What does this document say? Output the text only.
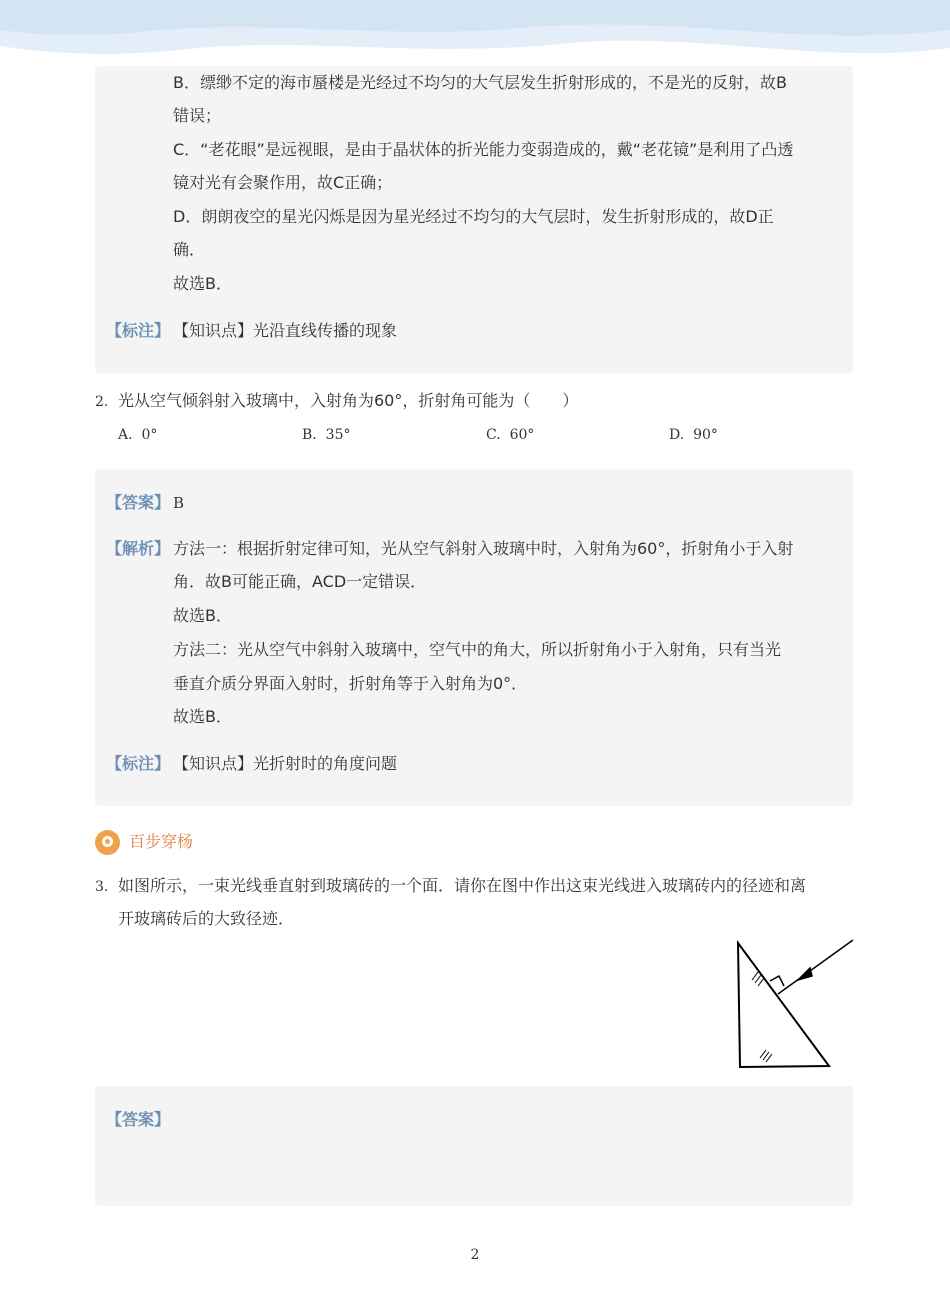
B．缥缈不定的海市蜃楼是光经过不均匀的大气层发生折射形成的，不是光的反射，故B
错误；
C．“老花眼”是远视眼，是由于晶状体的折光能力变弱造成的，戴“老花镜”是利用了凸透
镜对光有会聚作用，故C正确；
D．朗朗夜空的星光闪烁是因为星光经过不均匀的大气层时，发生折射形成的，故D正
确．
故选B．
【标注】 【知识点】光沿直线传播的现象
2. 光从空气倾斜射入玻璃中，入射角为60°，折射角可能为（　　）
A. 0°	B. 35°	C. 60°	D. 90°
【答案】 B
【解析】 方法一：根据折射定律可知，光从空气斜射入玻璃中时，入射角为60°，折射角小于入射
角．故B可能正确，ACD一定错误．
故选B．
方法二：光从空气中斜射入玻璃中，空气中的角大，所以折射角小于入射角，只有当光
垂直介质分界面入射时，折射角等于入射角为0°．
故选B．
【标注】 【知识点】光折射时的角度问题
百步穿杨
3. 如图所示，一束光线垂直射到玻璃砖的一个面．请你在图中作出这束光线进入玻璃砖内的径迹和离
开玻璃砖后的大致径迹．
【答案】
2
